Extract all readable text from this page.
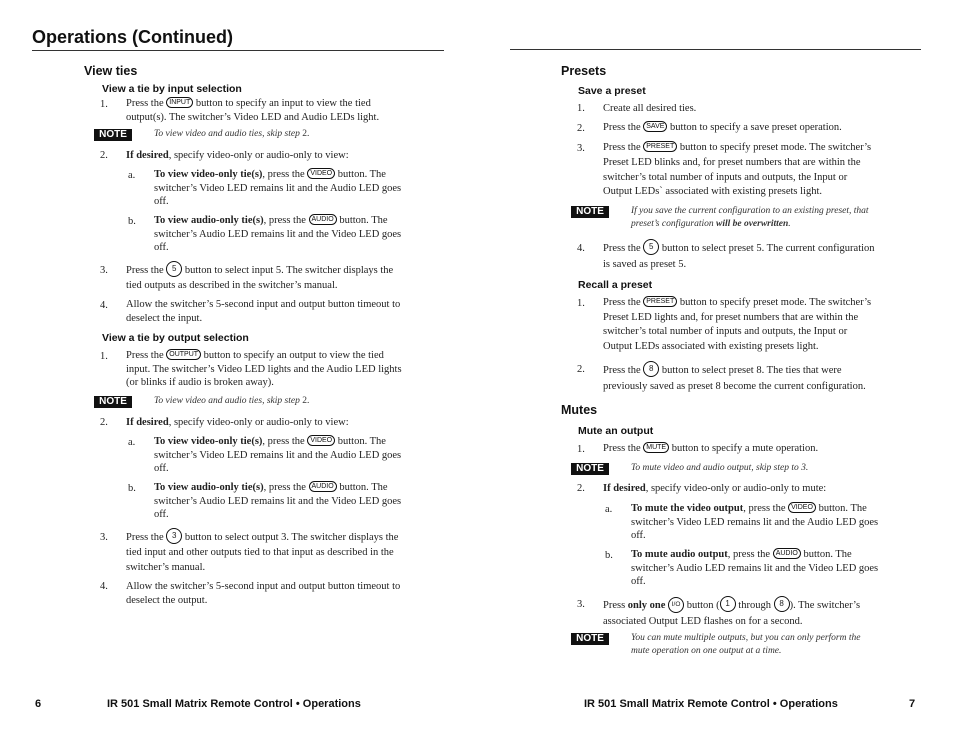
Operations (Continued)
View ties
View a tie by input selection
1. Press the INPUT button to specify an input to view the tied
output(s). The switcher’s Video LED and Audio LEDs light.
NOTE	To view video and audio ties, skip step 2.
2. If desired, specify video-only or audio-only to view:
a. To view video-only tie(s), press the VIDEO button. The
switcher’s Video LED remains lit and the Audio LED goes
off.
b. To view audio-only tie(s), press the AUDIO button. The
switcher’s Audio LED remains lit and the Video LED goes
off.
3. Press the 5 button to select input 5. The switcher displays the
tied outputs as described in the switcher’s manual.
4. Allow the switcher’s 5-second input and output button timeout to
deselect the input.
View a tie by output selection
1. Press the OUTPUT button to specify an output to view the tied
input. The switcher’s Video LED lights and the Audio LED lights
(or blinks if audio is broken away).
NOTE	To view video and audio ties, skip step 2.
2. If desired, specify video-only or audio-only to view:
a. To view video-only tie(s), press the VIDEO button. The
switcher’s Video LED remains lit and the Audio LED goes
off.
b. To view audio-only tie(s), press the AUDIO button. The
switcher’s Audio LED remains lit and the Video LED goes
off.
3. Press the 3 button to select output 3. The switcher displays the
tied input and other outputs tied to that input as described in the
switcher’s manual.
4. Allow the switcher’s 5-second input and output button timeout to
deselect the output.
6	IR 501 Small Matrix Remote Control • Operations
Presets
Save a preset
1. Create all desired ties.
2. Press the SAVE button to specify a save preset operation.
3. Press the PRESET button to specify preset mode. The switcher’s
Preset LED blinks and, for preset numbers that are within the
switcher’s total number of inputs and outputs, the Input or
Output LEDs` associated with existing presets light.
NOTE	If you save the current configuration to an existing preset, that
preset’s configuration will be overwritten.
4. Press the 5 button to select preset 5. The current configuration
is saved as preset 5.
Recall a preset
1. Press the PRESET button to specify preset mode. The switcher’s
Preset LED lights and, for preset numbers that are within the
switcher’s total number of inputs and outputs, the Input or
Output LEDs associated with existing presets light.
2. Press the 8 button to select preset 8. The ties that were
previously saved as preset 8 become the current configuration.
Mutes
Mute an output
1. Press the MUTE button to specify a mute operation.
NOTE	To mute video and audio output, skip step to 3.
2. If desired, specify video-only or audio-only to mute:
a. To mute the video output, press the VIDEO button. The
switcher’s Video LED remains lit and the Audio LED goes
off.
b. To mute audio output, press the AUDIO button. The
switcher’s Audio LED remains lit and the Video LED goes
off.
3. Press only one I/O button ( 1 through 8 ). The switcher’s
associated Output LED flashes on for a second.
NOTE	You can mute multiple outputs, but you can only perform the
mute operation on one output at a time.
IR 501 Small Matrix Remote Control • Operations	7
